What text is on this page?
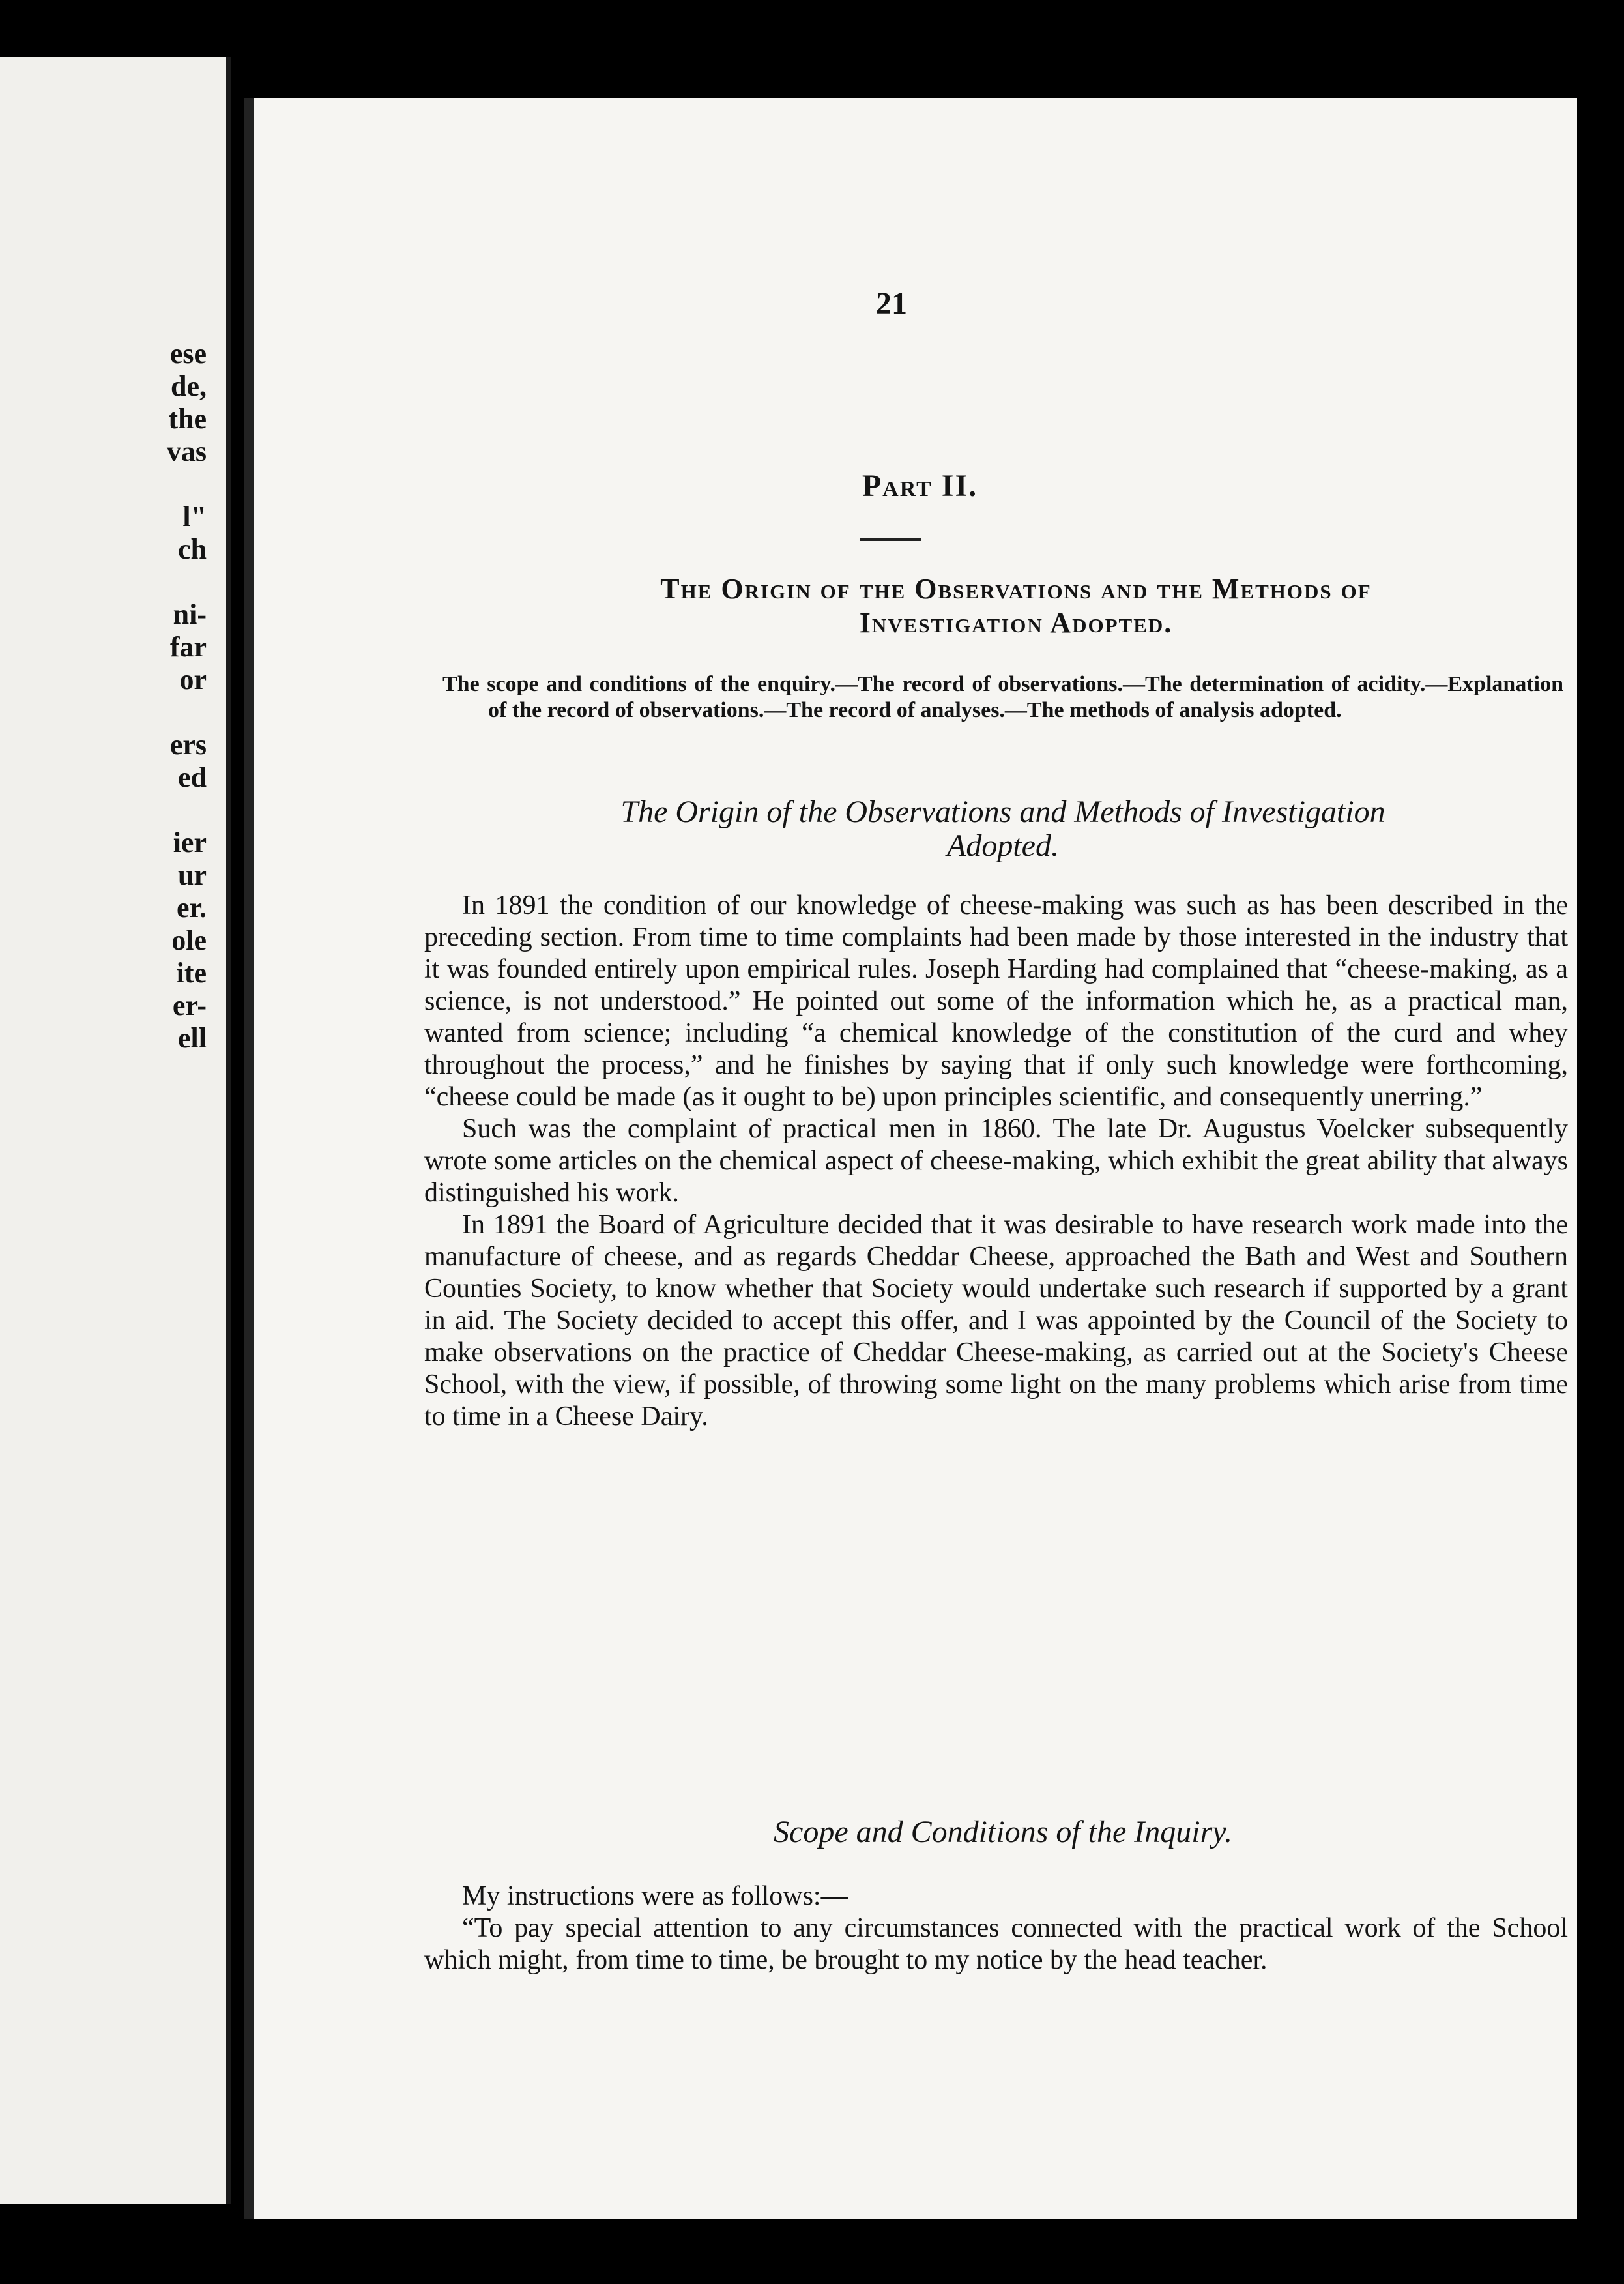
ese
de,
the
vas

l"
ch

ni-
far
or

ers
ed

ier
ur
er.
ole
ite
er-
ell
21
Part II.
The Origin of the Observations and the Methods of
Investigation Adopted.
The scope and conditions of the enquiry.—The record of observations.—The determination of acidity.—Explanation of the record of observations.—The record of analyses.—The methods of analysis adopted.
The Origin of the Observations and Methods of Investigation
Adopted.

In 1891 the condition of our knowledge of cheese-making was such as has been described in the preceding section. From time to time complaints had been made by those interested in the industry that it was founded entirely upon empirical rules. Joseph Harding had complained that “cheese-making, as a science, is not understood.” He pointed out some of the information which he, as a practical man, wanted from science; including “a chemical knowledge of the constitution of the curd and whey throughout the process,” and he finishes by saying that if only such knowledge were forthcoming, “cheese could be made (as it ought to be) upon principles scientific, and consequently unerring.”

Such was the complaint of practical men in 1860. The late Dr. Augustus Voelcker subsequently wrote some articles on the chemical aspect of cheese-making, which exhibit the great ability that always distinguished his work.

In 1891 the Board of Agriculture decided that it was desirable to have research work made into the manufacture of cheese, and as regards Cheddar Cheese, approached the Bath and West and Southern Counties Society, to know whether that Society would undertake such research if supported by a grant in aid. The Society decided to accept this offer, and I was appointed by the Council of the Society to make observations on the practice of Cheddar Cheese-making, as carried out at the Society's Cheese School, with the view, if possible, of throwing some light on the many problems which arise from time to time in a Cheese Dairy.

Scope and Conditions of the Inquiry.

My instructions were as follows:—

“To pay special attention to any circumstances connected with the practical work of the School which might, from time to time, be brought to my notice by the head teacher.
